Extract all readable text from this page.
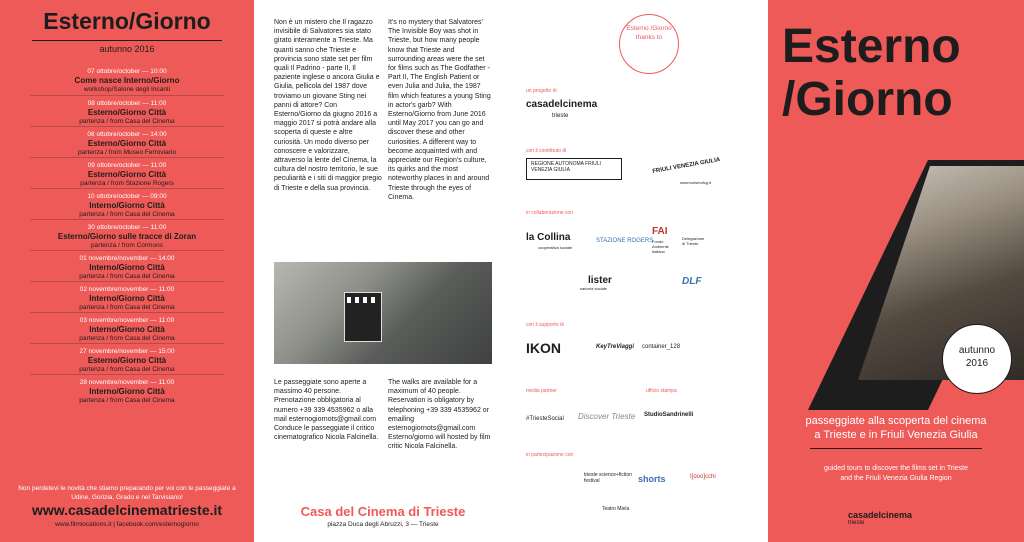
Esterno/Giorno
autunno 2016
07 ottobre/october — 10:00
Come nasce Interno/Giorno
workshop/Salone degli Incanti
08 ottobre/october — 11:00
Esterno/Giorno Città
partenza / from Casa del Cinema
08 ottobre/october — 14:00
Esterno/Giorno Città
partenza / from Museo Ferroviario
09 ottobre/october — 11:00
Esterno/Giorno Città
partenza / from Stazione Rogers
10 ottobre/october — 09:00
Interno/Giorno Città
partenza / from Casa del Cinema
30 ottobre/october — 11:00
Esterno/Giorno sulle tracce di Zoran
partenza / from Cormons
01 novembre/november — 14:00
Interno/Giorno Città
partenza / from Casa del Cinema
02 novembre/november — 11:00
Interno/Giorno Città
partenza / from Casa del Cinema
03 novembre/november — 11:00
Interno/Giorno Città
partenza / from Casa del Cinema
27 novembre/november — 15:00
Esterno/Giorno Città
partenza / from Casa del Cinema
28 novembre/november — 11:00
Interno/Giorno Città
partenza / from Casa del Cinema
Non perdetevi le novità che stiamo preparando per voi con le passeggiate a Udine, Gorizia, Grado e nel Tarvisiano!
www.casadelcinematrieste.it
www.filmlocations.it | facebook.com/esternogiorno
Non è un mistero che Il ragazzo invisibile di Salvatores sia stato girato interamente a Trieste. Ma quanti sanno che Trieste e provincia sono state set per film quali Il Padrino - parte II, Il paziente inglese o ancora Giulia e Giulia, pellicola del 1987 dove troviamo un giovane Sting nei panni di attore? Con Esterno/Giorno da giugno 2016 a maggio 2017 si potrà andare alla scoperta di queste e altre curiosità. Un modo diverso per conoscere e valorizzare, attraverso la lente del Cinema, la cultura del nostro territorio, le sue peculiarità e i siti di maggior pregio di Trieste e della sua provincia.
It's no mystery that Salvatores' The Invisible Boy was shot in Trieste, but how many people know that Trieste and surrounding areas were the set for films such as The Godfather - Part II, The English Patient or even Julia and Julia, the 1987 film which features a young Sting in actor's garb? With Esterno/Giorno from June 2016 until May 2017 you can go and discover these and other curiosities. A different way to become acquainted with and appreciate our Region's culture, its quirks and the most noteworthy places in and around Trieste through the eyes of Cinema.
Le passeggiate sono aperte a massimo 40 persone. Prenotazione obbligatoria al numero +39 339 4535962 o alla mail esternogiornots@gmail.com Conduce le passeggiate il critico cinematografico Nicola Falcinella.
The walks are available for a maximum of 40 people. Reservation is obligatory by telephoning +39 339 4535962 or emailing esternogiornots@gmail.com Esterno/giorno will hosted by film critic Nicola Falcinella.
Casa del Cinema di Trieste
piazza Duca degli Abruzzi, 3 — Trieste
Esterno /Giorno thanks to
un progetto di
casadelcinema
trieste
con il contributo di
REGIONE AUTONOMA FRIULI VENEZIA GIULIA	FRIULI VENEZIA GIULIA
www.turismofvg.it
in collaborazione con
la Collina
cooperativa sociale
STAZIONE ROGERS
FAI
Fondo Ambiente Italiano
Delegazione di Trieste
lister
sartoria sociale
DLF
con il supporto di
IKON	KeyTreViaggi container_128
media partner	ufficio stampa
#TriesteSocial Discover Trieste StudioSandrinelli
in partecipazione con
trieste science+fiction festival	shorts	I[ooo]cchi
Teatro Miela
Esterno
/Giorno
autunno
2016
passeggiate alla scoperta del cinema
a Trieste e in Friuli Venezia Giulia
guided tours to discover the films set in Trieste
and the Friuli Venezia Giulia Region
casadelcinema
trieste
